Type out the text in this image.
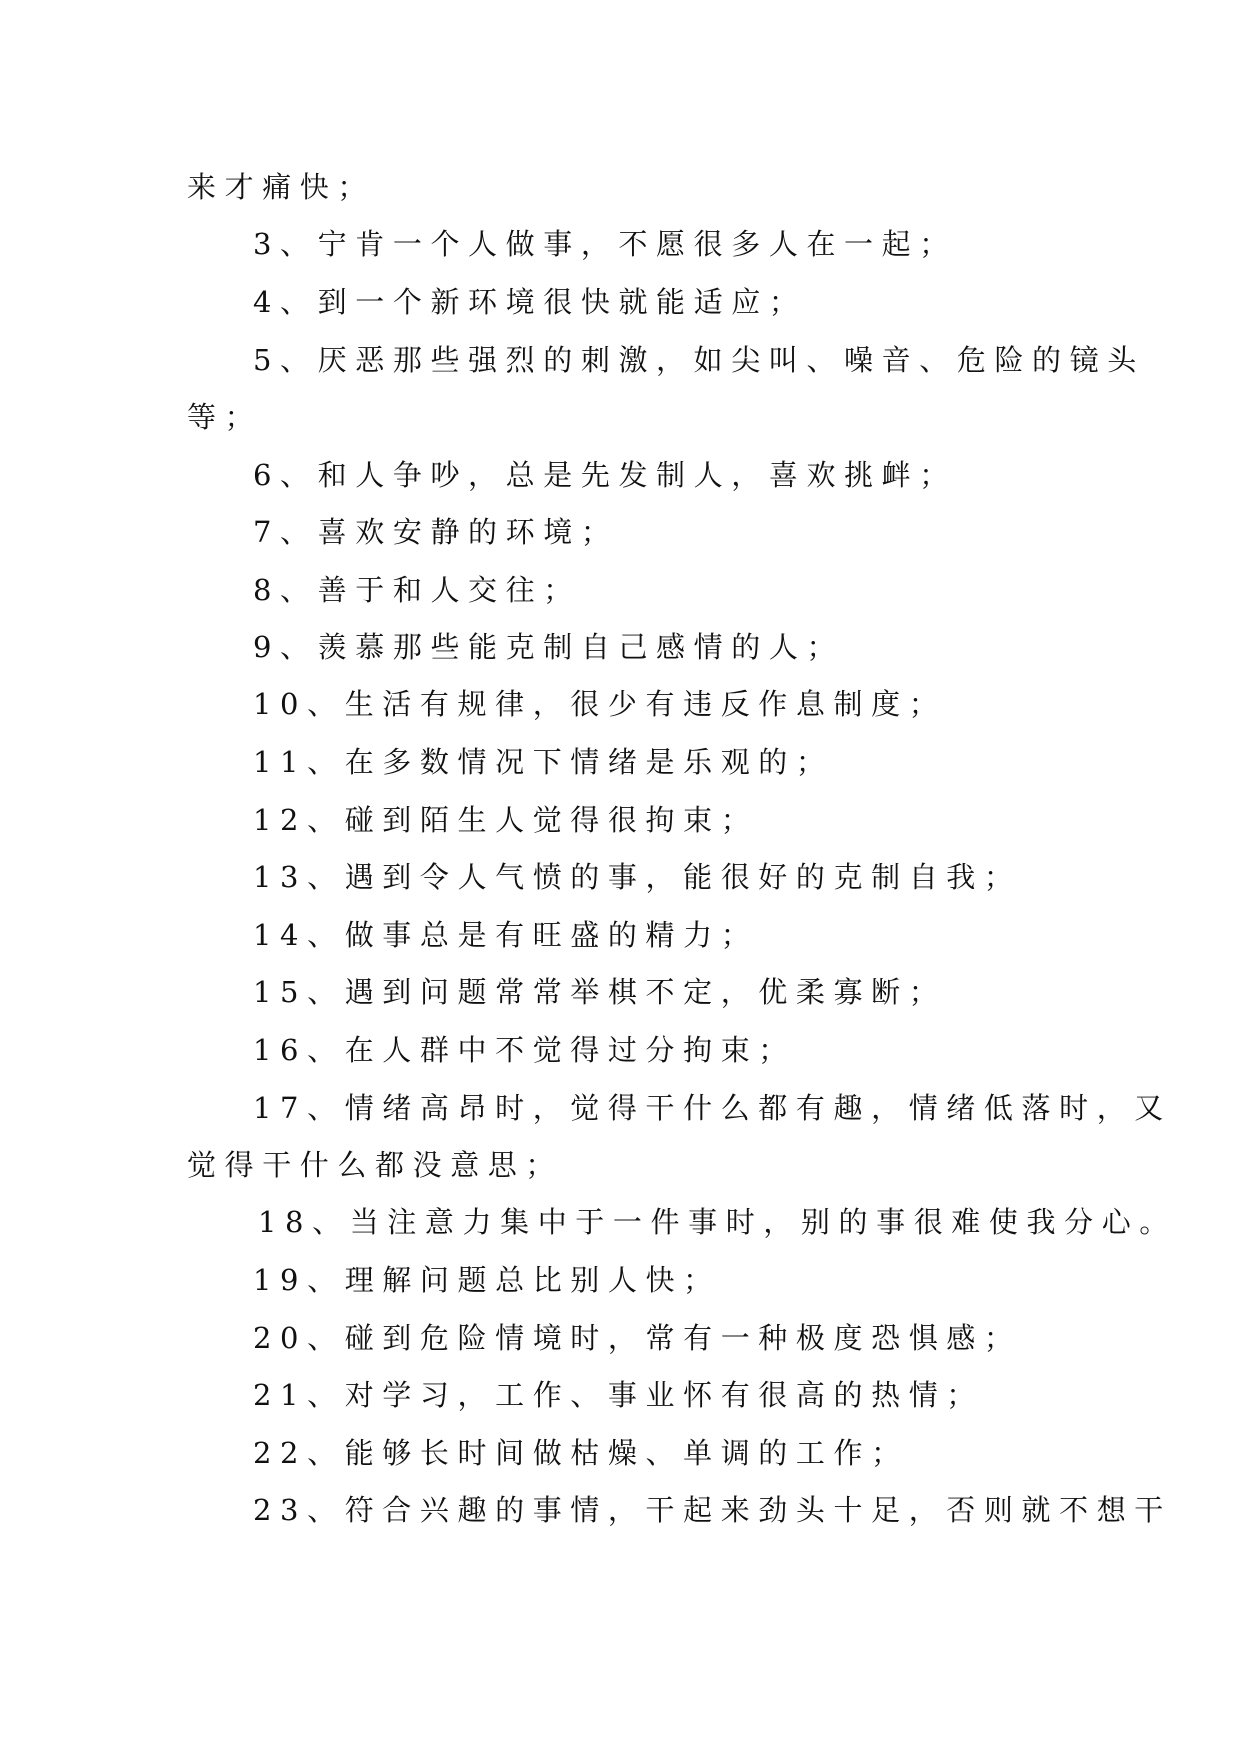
来才痛快；
3、宁肯一个人做事，不愿很多人在一起；
4、到一个新环境很快就能适应；
5、厌恶那些强烈的刺激，如尖叫、噪音、危险的镜头
等；
6、和人争吵，总是先发制人，喜欢挑衅；
7、喜欢安静的环境；
8、善于和人交往；
9、羡慕那些能克制自己感情的人；
10、生活有规律，很少有违反作息制度；
11、在多数情况下情绪是乐观的；
12、碰到陌生人觉得很拘束；
13、遇到令人气愤的事，能很好的克制自我；
14、做事总是有旺盛的精力；
15、遇到问题常常举棋不定，优柔寡断；
16、在人群中不觉得过分拘束；
17、情绪高昂时，觉得干什么都有趣，情绪低落时，又
觉得干什么都没意思；
18、当注意力集中于一件事时，别的事很难使我分心。
19、理解问题总比别人快；
20、碰到危险情境时，常有一种极度恐惧感；
21、对学习，工作、事业怀有很高的热情；
22、能够长时间做枯燥、单调的工作；
23、符合兴趣的事情，干起来劲头十足，否则就不想干
